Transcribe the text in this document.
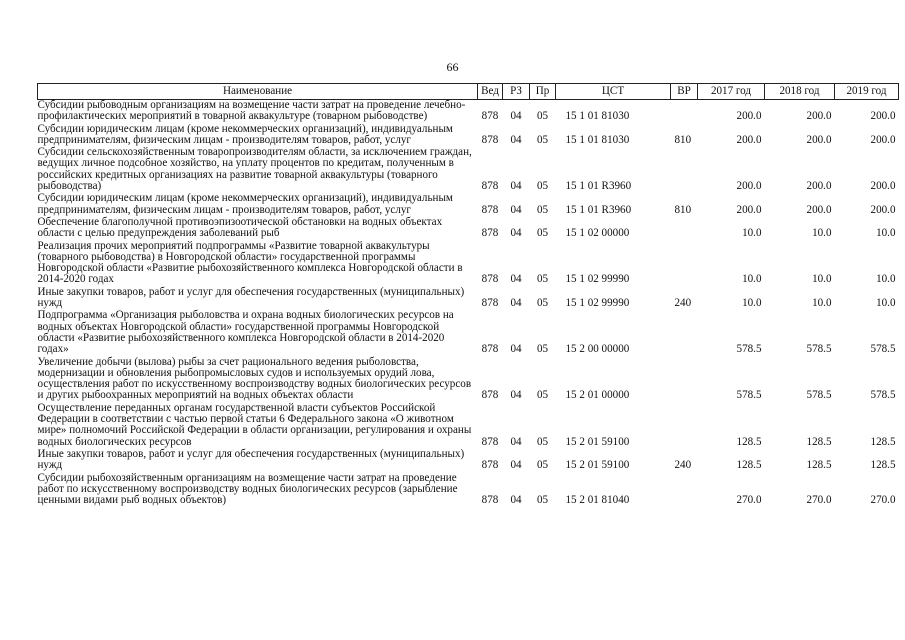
66
Наименование	Вед	РЗ	Пр	ЦСТ	ВР	2017 год	2018 год	2019 год
Субсидии рыбоводным организациям на возмещение части затрат на проведение лечебно-профилактических мероприятий в товарной аквакультуре (товарном рыбоводстве)	878	04	05	15 1 01 81030		200.0	200.0	200.0
Субсидии юридическим лицам (кроме некоммерческих организаций), индивидуальным предпринимателям, физическим лицам - производителям товаров, работ, услуг	878	04	05	15 1 01 81030	810	200.0	200.0	200.0
Субсидии сельскохозяйственным товаропроизводителям области, за исключением граждан, ведущих личное подсобное хозяйство, на уплату процентов по кредитам, полученным в российских кредитных организациях на развитие товарной аквакультуры (товарного рыбоводства)	878	04	05	15 1 01 R3960		200.0	200.0	200.0
Субсидии юридическим лицам (кроме некоммерческих организаций), индивидуальным предпринимателям, физическим лицам - производителям товаров, работ, услуг	878	04	05	15 1 01 R3960	810	200.0	200.0	200.0
Обеспечение благополучной противоэпизоотической обстановки на водных объектах области с целью предупреждения заболеваний рыб	878	04	05	15 1 02 00000		10.0	10.0	10.0
Реализация прочих мероприятий подпрограммы «Развитие товарной аквакультуры (товарного рыбоводства) в Новгородской области» государственной программы Новгородской области «Развитие рыбохозяйственного комплекса Новгородской области в 2014-2020 годах	878	04	05	15 1 02 99990		10.0	10.0	10.0
Иные закупки товаров, работ и услуг для обеспечения государственных (муниципальных) нужд	878	04	05	15 1 02 99990	240	10.0	10.0	10.0
Подпрограмма «Организация рыболовства и охрана водных биологических ресурсов на водных объектах Новгородской области» государственной программы Новгородской области «Развитие рыбохозяйственного комплекса Новгородской области в 2014-2020 годах»	878	04	05	15 2 00 00000		578.5	578.5	578.5
Увеличение добычи (вылова) рыбы за счет рационального ведения рыболовства, модернизации и обновления рыбопромысловых судов и используемых орудий лова, осуществления работ по искусственному воспроизводству водных биологических ресурсов и других рыбоохранных мероприятий на водных объектах области	878	04	05	15 2 01 00000		578.5	578.5	578.5
Осуществление переданных органам государственной власти субъектов Российской Федерации в соответствии с частью первой статьи 6 Федерального закона «О животном мире» полномочий Российской Федерации в области организации, регулирования и охраны водных биологических ресурсов	878	04	05	15 2 01 59100		128.5	128.5	128.5
Иные закупки товаров, работ и услуг для обеспечения государственных (муниципальных) нужд	878	04	05	15 2 01 59100	240	128.5	128.5	128.5
Субсидии рыбохозяйственным организациям на возмещение части затрат на проведение работ по искусственному воспроизводству водных биологических ресурсов (зарыбление ценными видами рыб водных объектов)	878	04	05	15 2 01 81040		270.0	270.0	270.0
